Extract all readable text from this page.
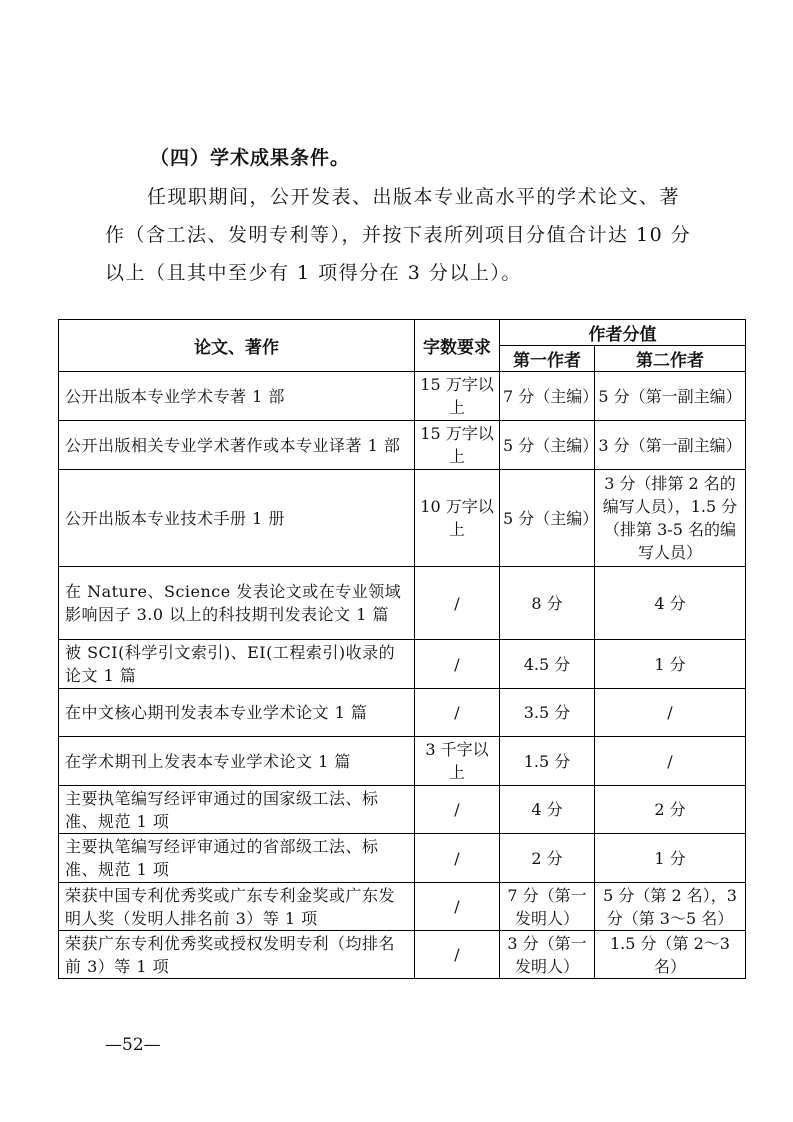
（四）学术成果条件。
任现职期间，公开发表、出版本专业高水平的学术论文、著
作（含工法、发明专利等），并按下表所列项目分值合计达 10 分
以上（且其中至少有 1 项得分在 3 分以上）。
论文、著作	字数要求	作者分值	
		第一作者	第二作者
公开出版本专业学术专著 1 部	15 万字以上	7 分（主编）	5 分（第一副主编）
公开出版相关专业学术著作或本专业译著 1 部	15 万字以上	5 分（主编）	3 分（第一副主编）
公开出版本专业技术手册 1 册	10 万字以上	5 分（主编）	3 分（排第 2 名的编写人员），1.5 分（排第 3-5 名的编写人员）
在 Nature、Science 发表论文或在专业领域影响因子 3.0 以上的科技期刊发表论文 1 篇	/	8 分	4 分
被 SCI(科学引文索引)、EI(工程索引)收录的论文 1 篇	/	4.5 分	1 分
在中文核心期刊发表本专业学术论文 1 篇	/	3.5 分	/
在学术期刊上发表本专业学术论文 1 篇	3 千字以上	1.5 分	/
主要执笔编写经评审通过的国家级工法、标准、规范 1 项	/	4 分	2 分
主要执笔编写经评审通过的省部级工法、标准、规范 1 项	/	2 分	1 分
荣获中国专利优秀奖或广东专利金奖或广东发明人奖（发明人排名前 3）等 1 项	/	7 分（第一发明人）	5 分（第 2 名），3 分（第 3～5 名）
荣获广东专利优秀奖或授权发明专利（均排名前 3）等 1 项	/	3 分（第一发明人）	1.5 分（第 2～3 名）
—52—
